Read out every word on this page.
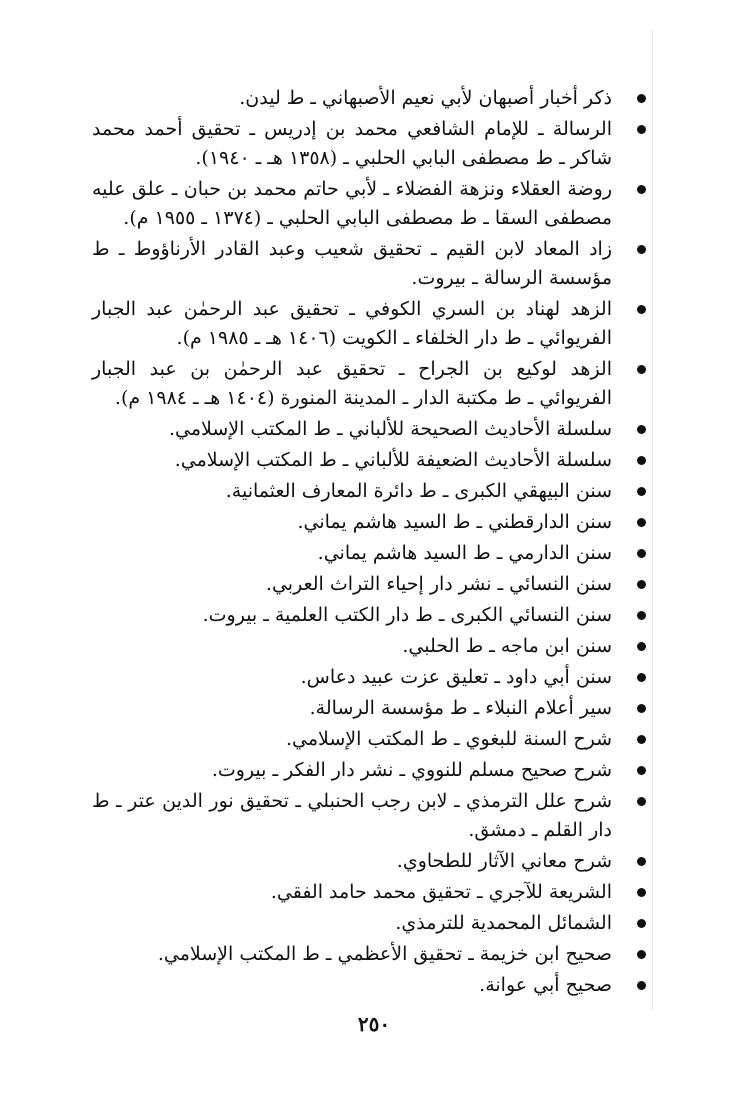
ذكر أخبار أصبهان لأبي نعيم الأصبهاني ـ ط ليدن.
الرسالة ـ للإمام الشافعي محمد بن إدريس ـ تحقيق أحمد محمد شاكر ـ ط مصطفى البابي الحلبي ـ (١٣٥٨ هـ ـ ١٩٤٠).
روضة العقلاء ونزهة الفضلاء ـ لأبي حاتم محمد بن حبان ـ علق عليه مصطفى السقا ـ ط مصطفى البابي الحلبي ـ (١٣٧٤ ـ ١٩٥٥ م).
زاد المعاد لابن القيم ـ تحقيق شعيب وعبد القادر الأرناؤوط ـ ط مؤسسة الرسالة ـ بيروت.
الزهد لهناد بن السري الكوفي ـ تحقيق عبد الرحمٰن عبد الجبار الفريوائي ـ ط دار الخلفاء ـ الكويت (١٤٠٦ هـ ـ ١٩٨٥ م).
الزهد لوكيع بن الجراح ـ تحقيق عبد الرحمٰن بن عبد الجبار الفريوائي ـ ط مكتبة الدار ـ المدينة المنورة (١٤٠٤ هـ ـ ١٩٨٤ م).
سلسلة الأحاديث الصحيحة للألباني ـ ط المكتب الإسلامي.
سلسلة الأحاديث الضعيفة للألباني ـ ط المكتب الإسلامي.
سنن البيهقي الكبرى ـ ط دائرة المعارف العثمانية.
سنن الدارقطني ـ ط السيد هاشم يماني.
سنن الدارمي ـ ط السيد هاشم يماني.
سنن النسائي ـ نشر دار إحياء التراث العربي.
سنن النسائي الكبرى ـ ط دار الكتب العلمية ـ بيروت.
سنن ابن ماجه ـ ط الحلبي.
سنن أبي داود ـ تعليق عزت عبيد دعاس.
سير أعلام النبلاء ـ ط مؤسسة الرسالة.
شرح السنة للبغوي ـ ط المكتب الإسلامي.
شرح صحيح مسلم للنووي ـ نشر دار الفكر ـ بيروت.
شرح علل الترمذي ـ لابن رجب الحنبلي ـ تحقيق نور الدين عتر ـ ط دار القلم ـ دمشق.
شرح معاني الآثار للطحاوي.
الشريعة للآجري ـ تحقيق محمد حامد الفقي.
الشمائل المحمدية للترمذي.
صحيح ابن خزيمة ـ تحقيق الأعظمي ـ ط المكتب الإسلامي.
صحيح أبي عوانة.
٢٥٠
